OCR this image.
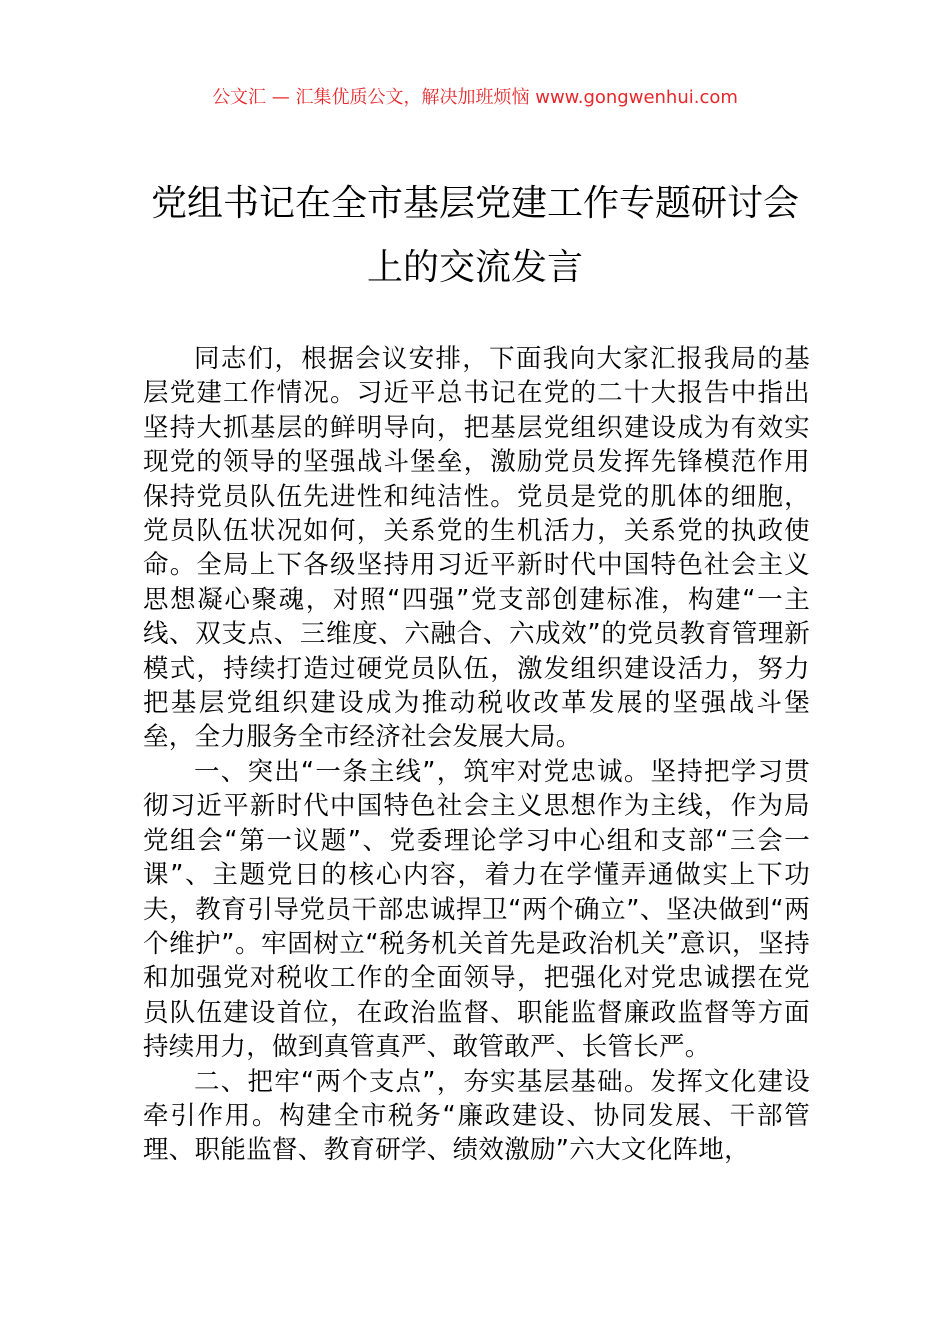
公文汇 — 汇集优质公文，解决加班烦恼 www.gongwenhui.com
党组书记在全市基层党建工作专题研讨会
上的交流发言

同志们，根据会议安排，下面我向大家汇报我局的基层党建工作情况。习近平总书记在党的二十大报告中指出坚持大抓基层的鲜明导向，把基层党组织建设成为有效实现党的领导的坚强战斗堡垒，激励党员发挥先锋模范作用保持党员队伍先进性和纯洁性。党员是党的肌体的细胞，党员队伍状况如何，关系党的生机活力，关系党的执政使命。全局上下各级坚持用习近平新时代中国特色社会主义思想凝心聚魂，对照“四强”党支部创建标准，构建“一主线、双支点、三维度、六融合、六成效”的党员教育管理新模式，持续打造过硬党员队伍，激发组织建设活力，努力把基层党组织建设成为推动税收改革发展的坚强战斗堡垒，全力服务全市经济社会发展大局。

一、突出“一条主线”，筑牢对党忠诚。坚持把学习贯彻习近平新时代中国特色社会主义思想作为主线，作为局党组会“第一议题”、党委理论学习中心组和支部“三会一课”、主题党日的核心内容，着力在学懂弄通做实上下功夫，教育引导党员干部忠诚捍卫“两个确立”、坚决做到“两个维护”。牢固树立“税务机关首先是政治机关”意识，坚持和加强党对税收工作的全面领导，把强化对党忠诚摆在党员队伍建设首位，在政治监督、职能监督廉政监督等方面持续用力，做到真管真严、敢管敢严、长管长严。

二、把牢“两个支点”，夯实基层基础。发挥文化建设牵引作用。构建全市税务“廉政建设、协同发展、干部管理、职能监督、教育研学、绩效激励”六大文化阵地，
